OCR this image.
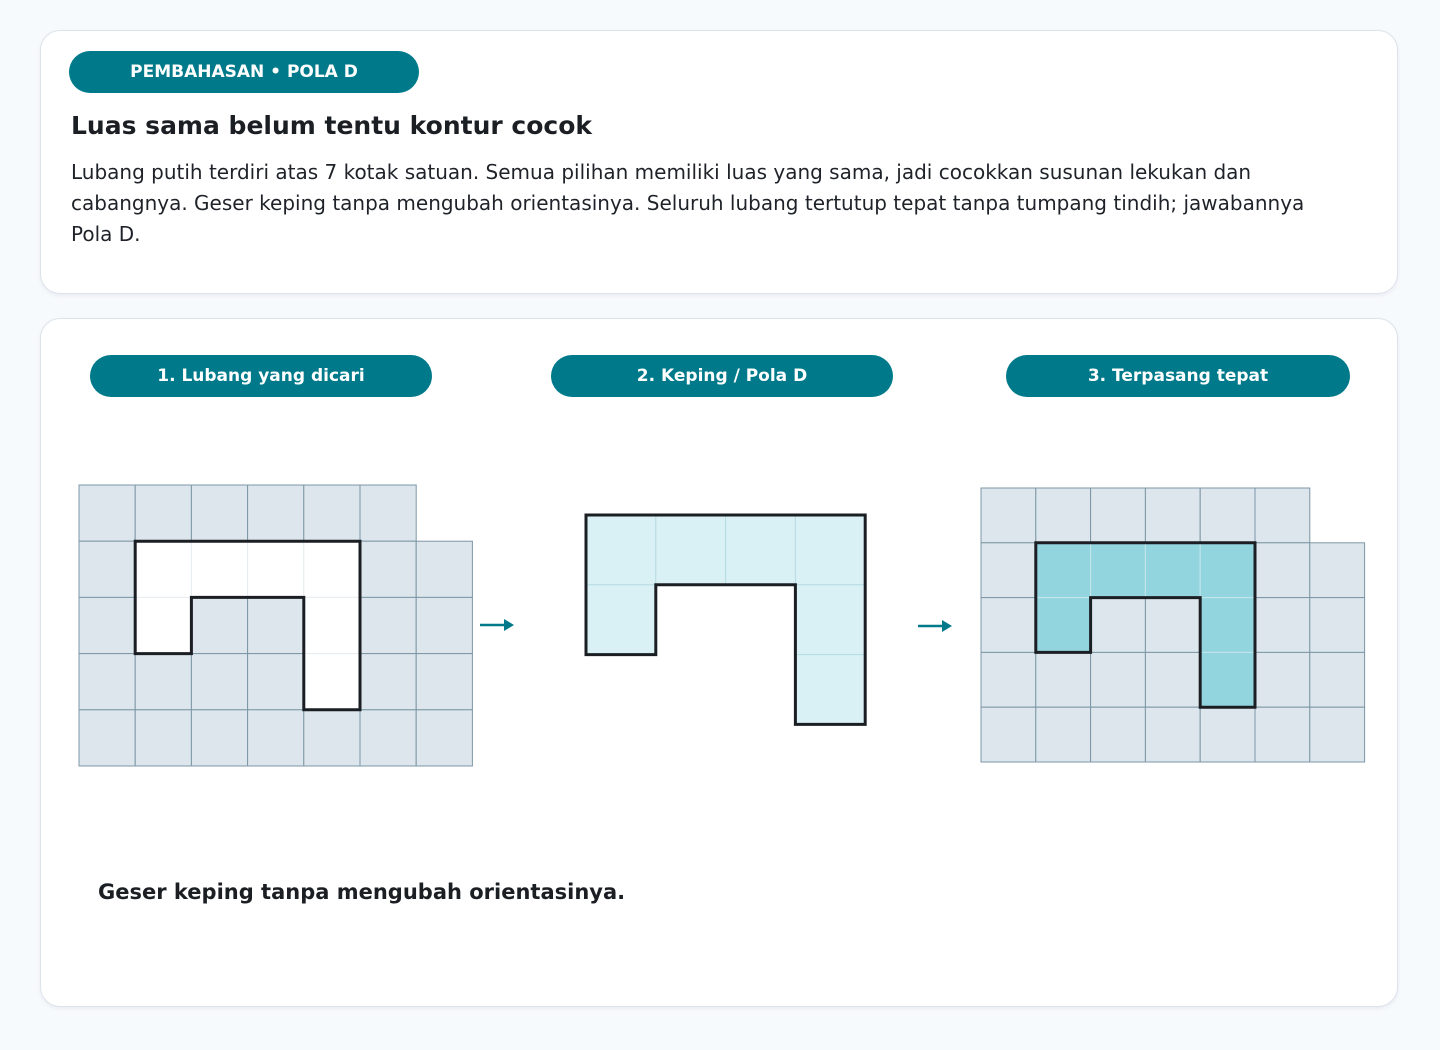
PEMBAHASAN • POLA D
Luas sama belum tentu kontur cocok

Lubang putih terdiri atas 7 kotak satuan. Semua pilihan memiliki luas yang sama, jadi cocokkan susunan lekukan dan cabangnya. Geser keping tanpa mengubah orientasinya. Seluruh lubang tertutup tepat tanpa tumpang tindih; jawabannya Pola D.

1. Lubang yang dicari	2. Keping / Pola D	3. Terpasang tepat

Geser keping tanpa mengubah orientasinya.
